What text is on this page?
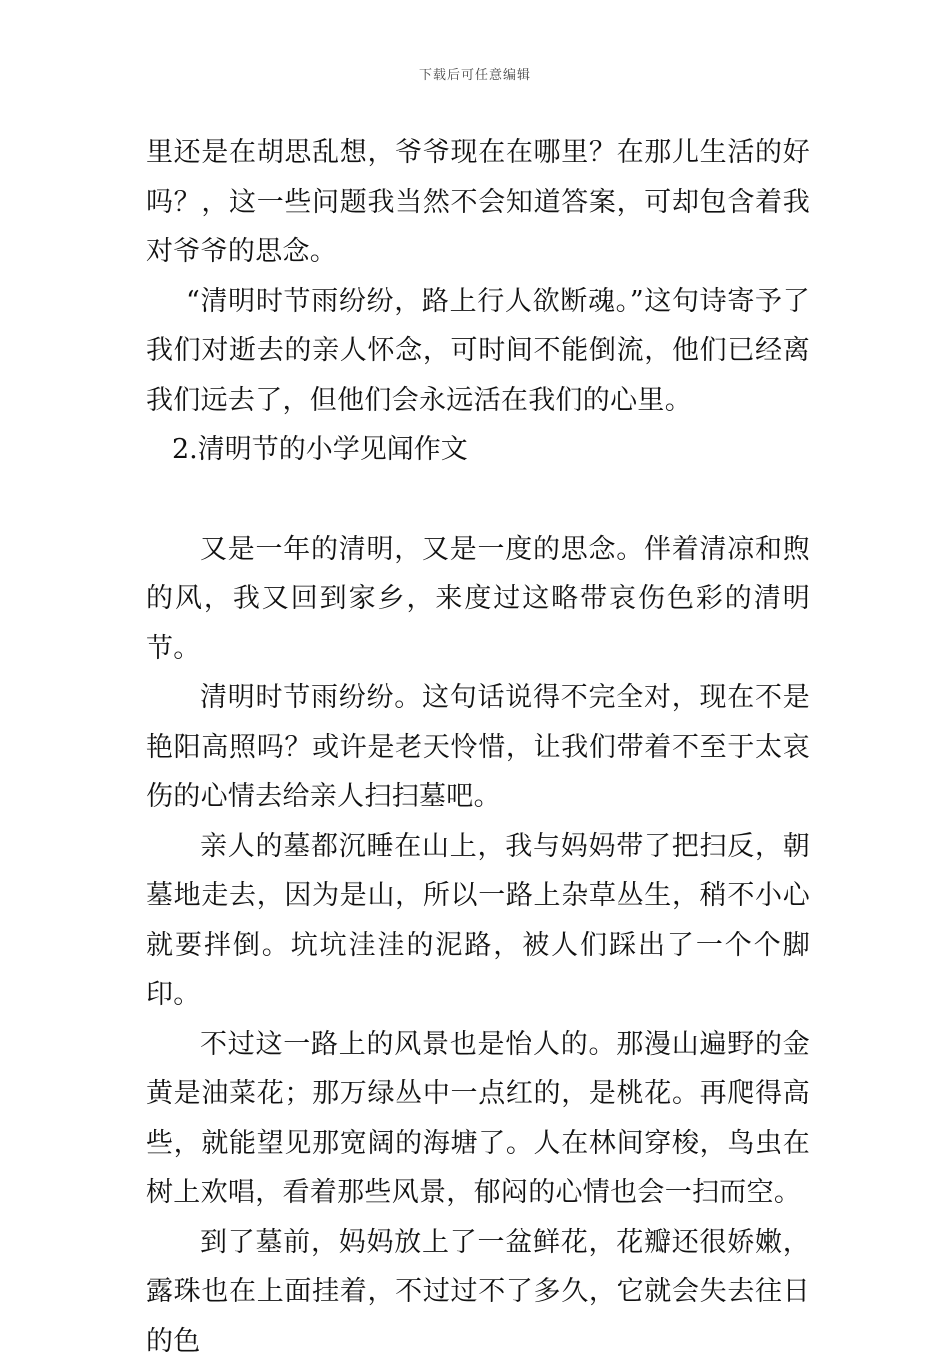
下载后可任意编辑

里还是在胡思乱想，爷爷现在在哪里？在那儿生活的好吗？，这一些问题我当然不会知道答案，可却包含着我对爷爷的思念。

“清明时节雨纷纷，路上行人欲断魂。”这句诗寄予了我们对逝去的亲人怀念，可时间不能倒流，他们已经离我们远去了，但他们会永远活在我们的心里。

2.清明节的小学见闻作文

又是一年的清明，又是一度的思念。伴着清凉和煦的风，我又回到家乡，来度过这略带哀伤色彩的清明节。

清明时节雨纷纷。这句话说得不完全对，现在不是艳阳高照吗？或许是老天怜惜，让我们带着不至于太哀伤的心情去给亲人扫扫墓吧。

亲人的墓都沉睡在山上，我与妈妈带了把扫反，朝墓地走去，因为是山，所以一路上杂草丛生，稍不小心就要拌倒。坑坑洼洼的泥路，被人们踩出了一个个脚印。

不过这一路上的风景也是怡人的。那漫山遍野的金黄是油菜花；那万绿丛中一点红的，是桃花。再爬得高些，就能望见那宽阔的海塘了。人在林间穿梭，鸟虫在树上欢唱，看着那些风景，郁闷的心情也会一扫而空。

到了墓前，妈妈放上了一盆鲜花，花瓣还很娇嫩，露珠也在上面挂着，不过过不了多久，它就会失去往日的色
